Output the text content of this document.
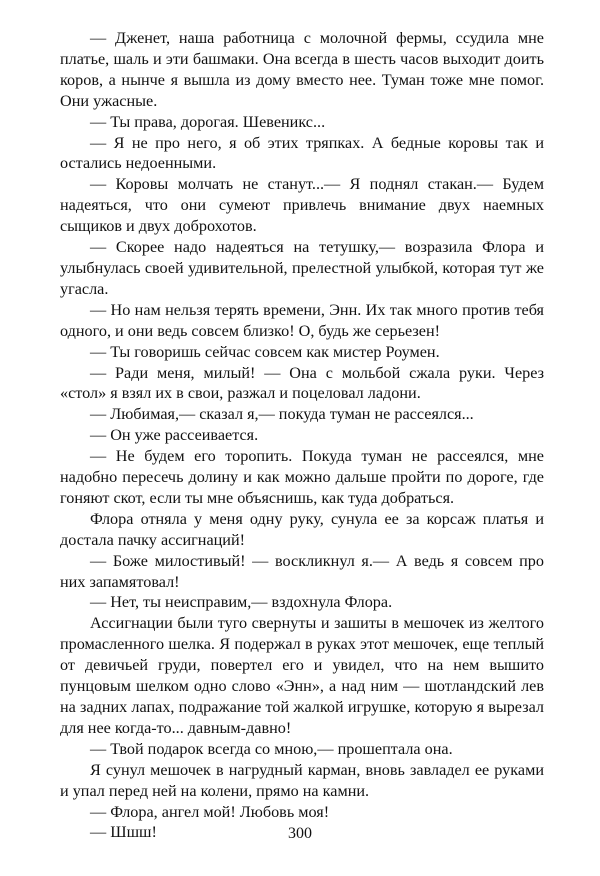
— Дженет, наша работница с молочной фермы, ссудила мне платье, шаль и эти башмаки. Она всегда в шесть часов выходит доить коров, а нынче я вышла из дому вместо нее. Туман тоже мне помог. Они ужасные.

— Ты права, дорогая. Шевеникс...

— Я не про него, я об этих тряпках. А бедные коровы так и остались недоенными.

— Коровы молчать не станут...— Я поднял стакан.— Будем надеяться, что они сумеют привлечь внимание двух наемных сыщиков и двух доброхотов.

— Скорее надо надеяться на тетушку,— возразила Флора и улыбнулась своей удивительной, прелестной улыбкой, которая тут же угасла.

— Но нам нельзя терять времени, Энн. Их так много против тебя одного, и они ведь совсем близко! О, будь же серьезен!

— Ты говоришь сейчас совсем как мистер Роумен.

— Ради меня, милый! — Она с мольбой сжала руки. Через «стол» я взял их в свои, разжал и поцеловал ладони.

— Любимая,— сказал я,— покуда туман не рассеялся...

— Он уже рассеивается.

— Не будем его торопить. Покуда туман не рассеялся, мне надобно пересечь долину и как можно дальше пройти по дороге, где гоняют скот, если ты мне объяснишь, как туда добраться.

Флора отняла у меня одну руку, сунула ее за корсаж платья и достала пачку ассигнаций!

— Боже милостивый! — воскликнул я.— А ведь я совсем про них запамятовал!

— Нет, ты неисправим,— вздохнула Флора.

Ассигнации были туго свернуты и зашиты в мешочек из желтого промасленного шелка. Я подержал в руках этот мешочек, еще теплый от девичьей груди, повертел его и увидел, что на нем вышито пунцовым шелком одно слово «Энн», а над ним — шотландский лев на задних лапах, подражание той жалкой игрушке, которую я вырезал для нее когда-то... давным-давно!

— Твой подарок всегда со мною,— прошептала она.

Я сунул мешочек в нагрудный карман, вновь завладел ее руками и упал перед ней на колени, прямо на камни.

— Флора, ангел мой! Любовь моя!

— Шшш!	300
